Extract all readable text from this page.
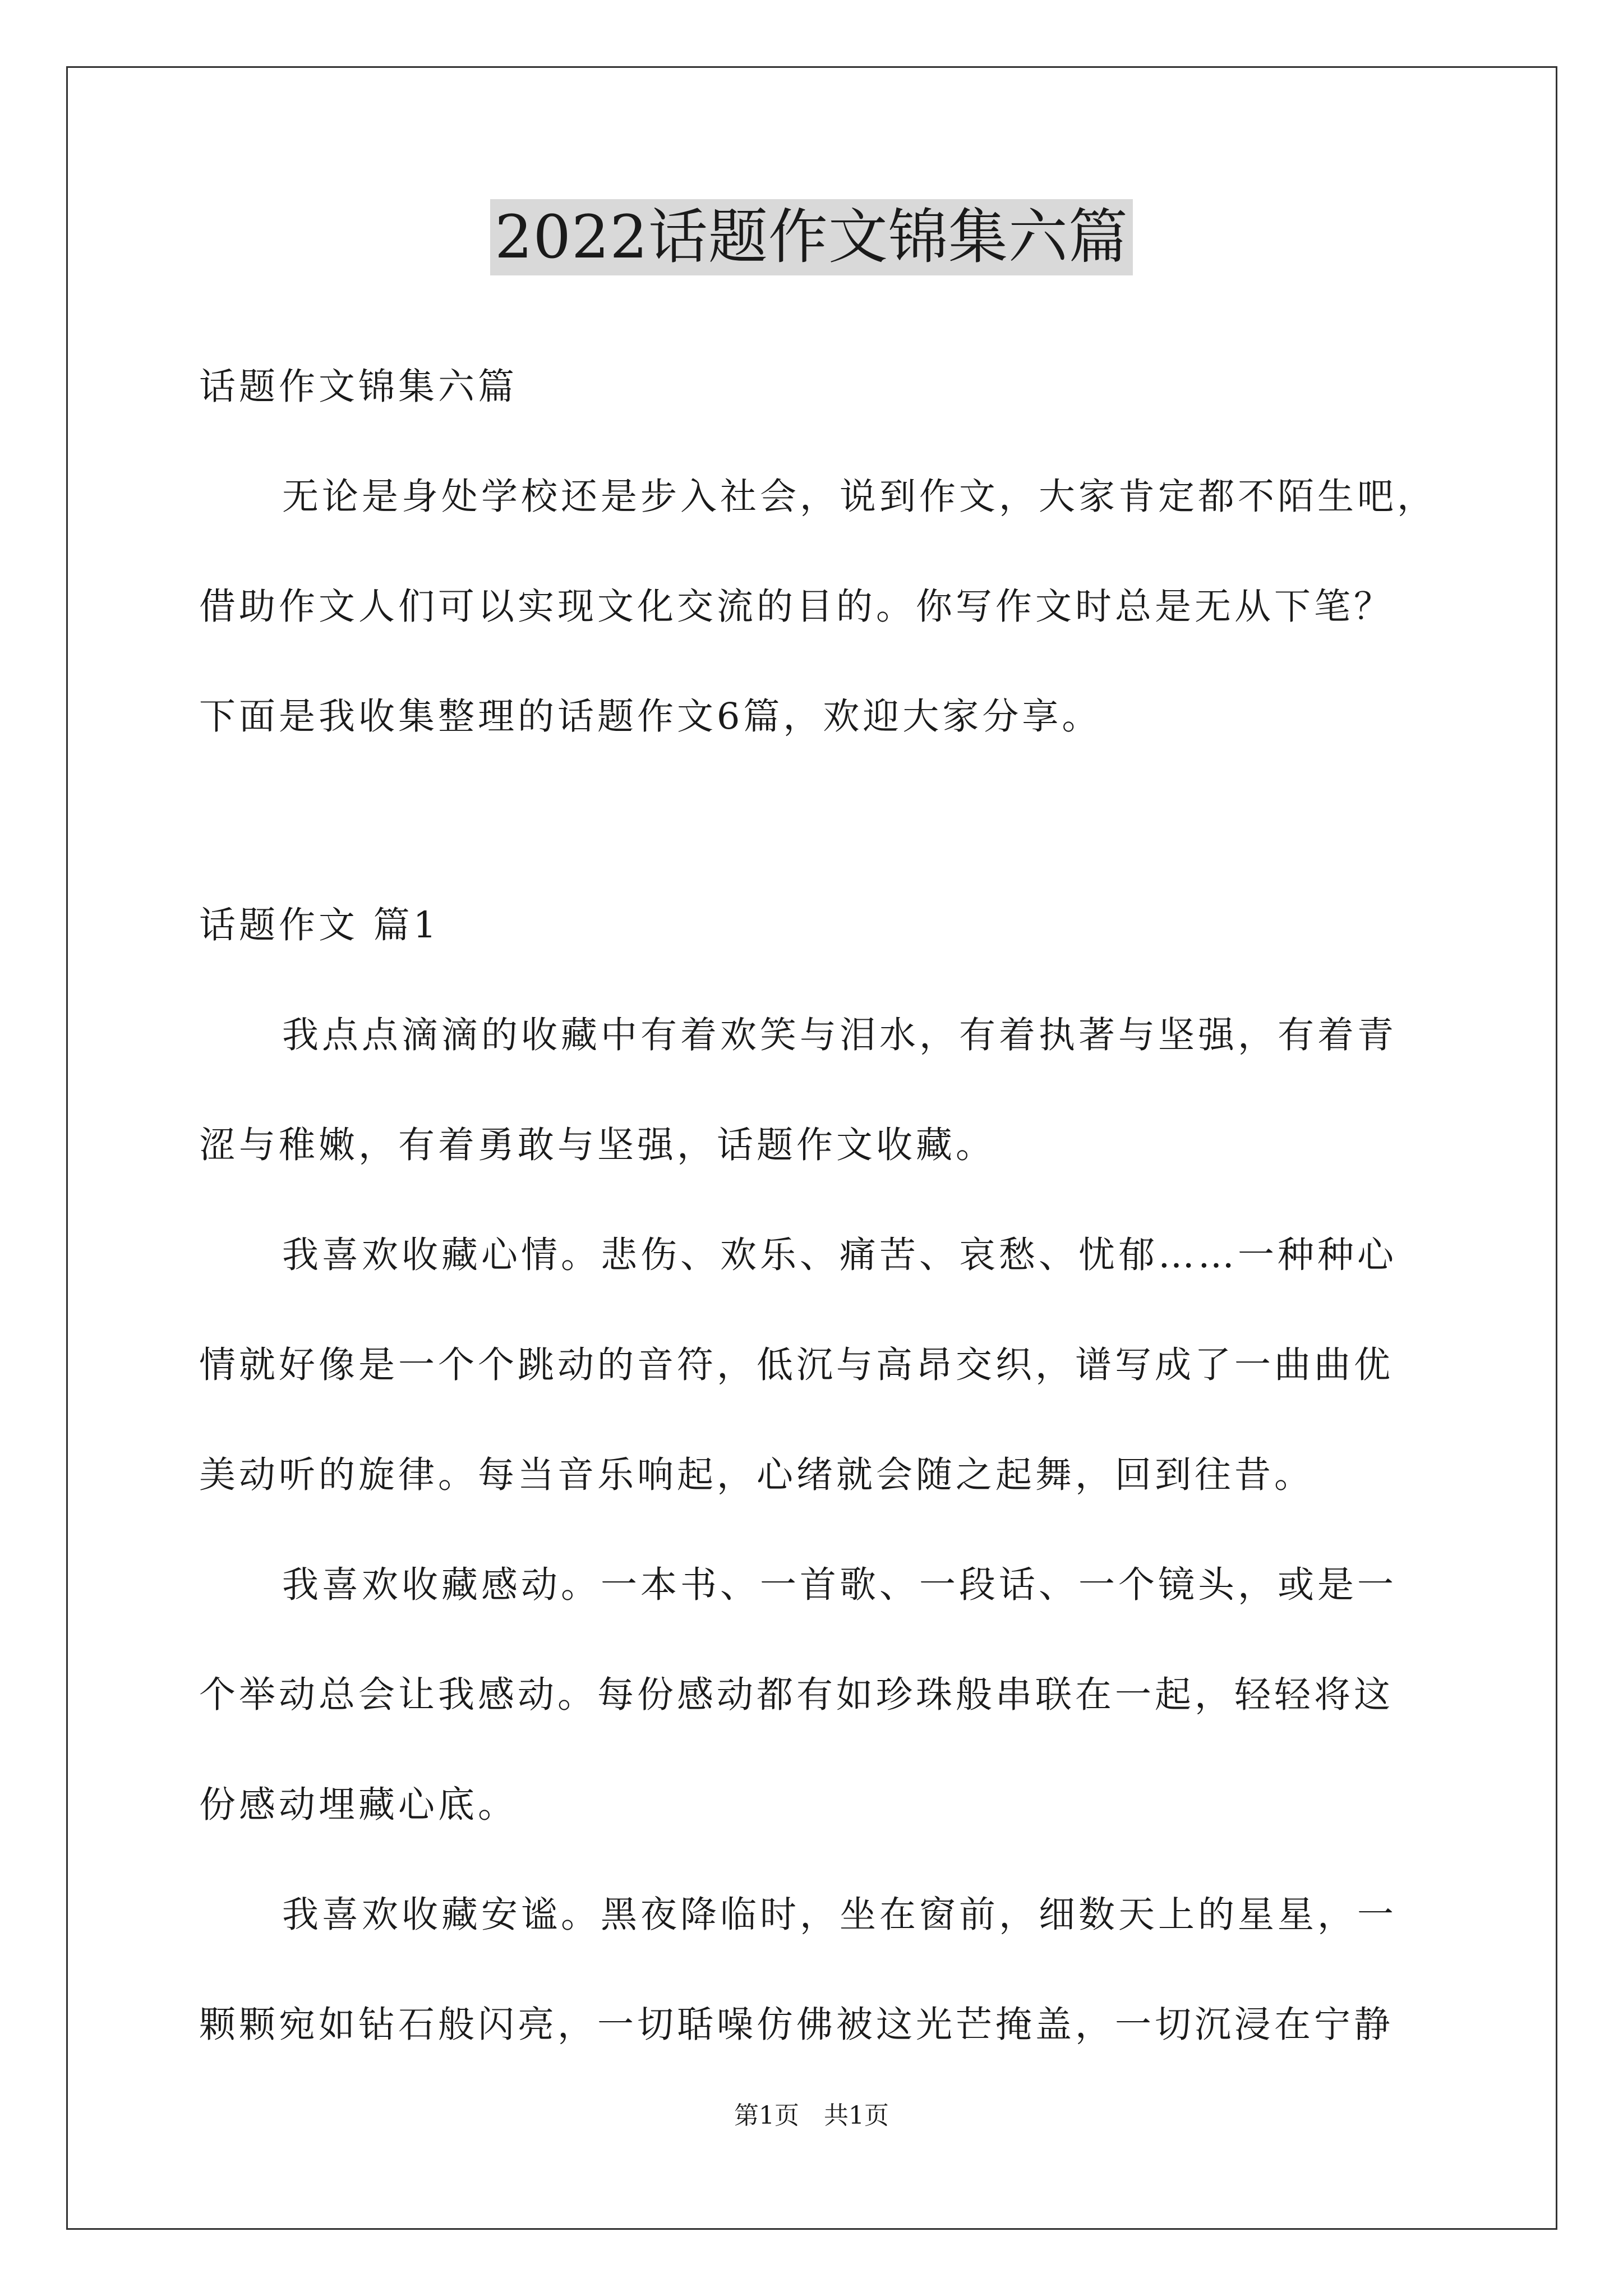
2022话题作文锦集六篇
话题作文锦集六篇
无论是身处学校还是步入社会，说到作文，大家肯定都不陌生吧，
借助作文人们可以实现文化交流的目的。你写作文时总是无从下笔？
下面是我收集整理的话题作文6篇，欢迎大家分享。
话题作文 篇1
我点点滴滴的收藏中有着欢笑与泪水，有着执著与坚强，有着青
涩与稚嫩，有着勇敢与坚强，话题作文收藏。
我喜欢收藏心情。悲伤、欢乐、痛苦、哀愁、忧郁……一种种心
情就好像是一个个跳动的音符，低沉与高昂交织，谱写成了一曲曲优
美动听的旋律。每当音乐响起，心绪就会随之起舞，回到往昔。
我喜欢收藏感动。一本书、一首歌、一段话、一个镜头，或是一
个举动总会让我感动。每份感动都有如珍珠般串联在一起，轻轻将这
份感动埋藏心底。
我喜欢收藏安谧。黑夜降临时，坐在窗前，细数天上的星星，一
颗颗宛如钻石般闪亮，一切聒噪仿佛被这光芒掩盖，一切沉浸在宁静
第1页 共1页
